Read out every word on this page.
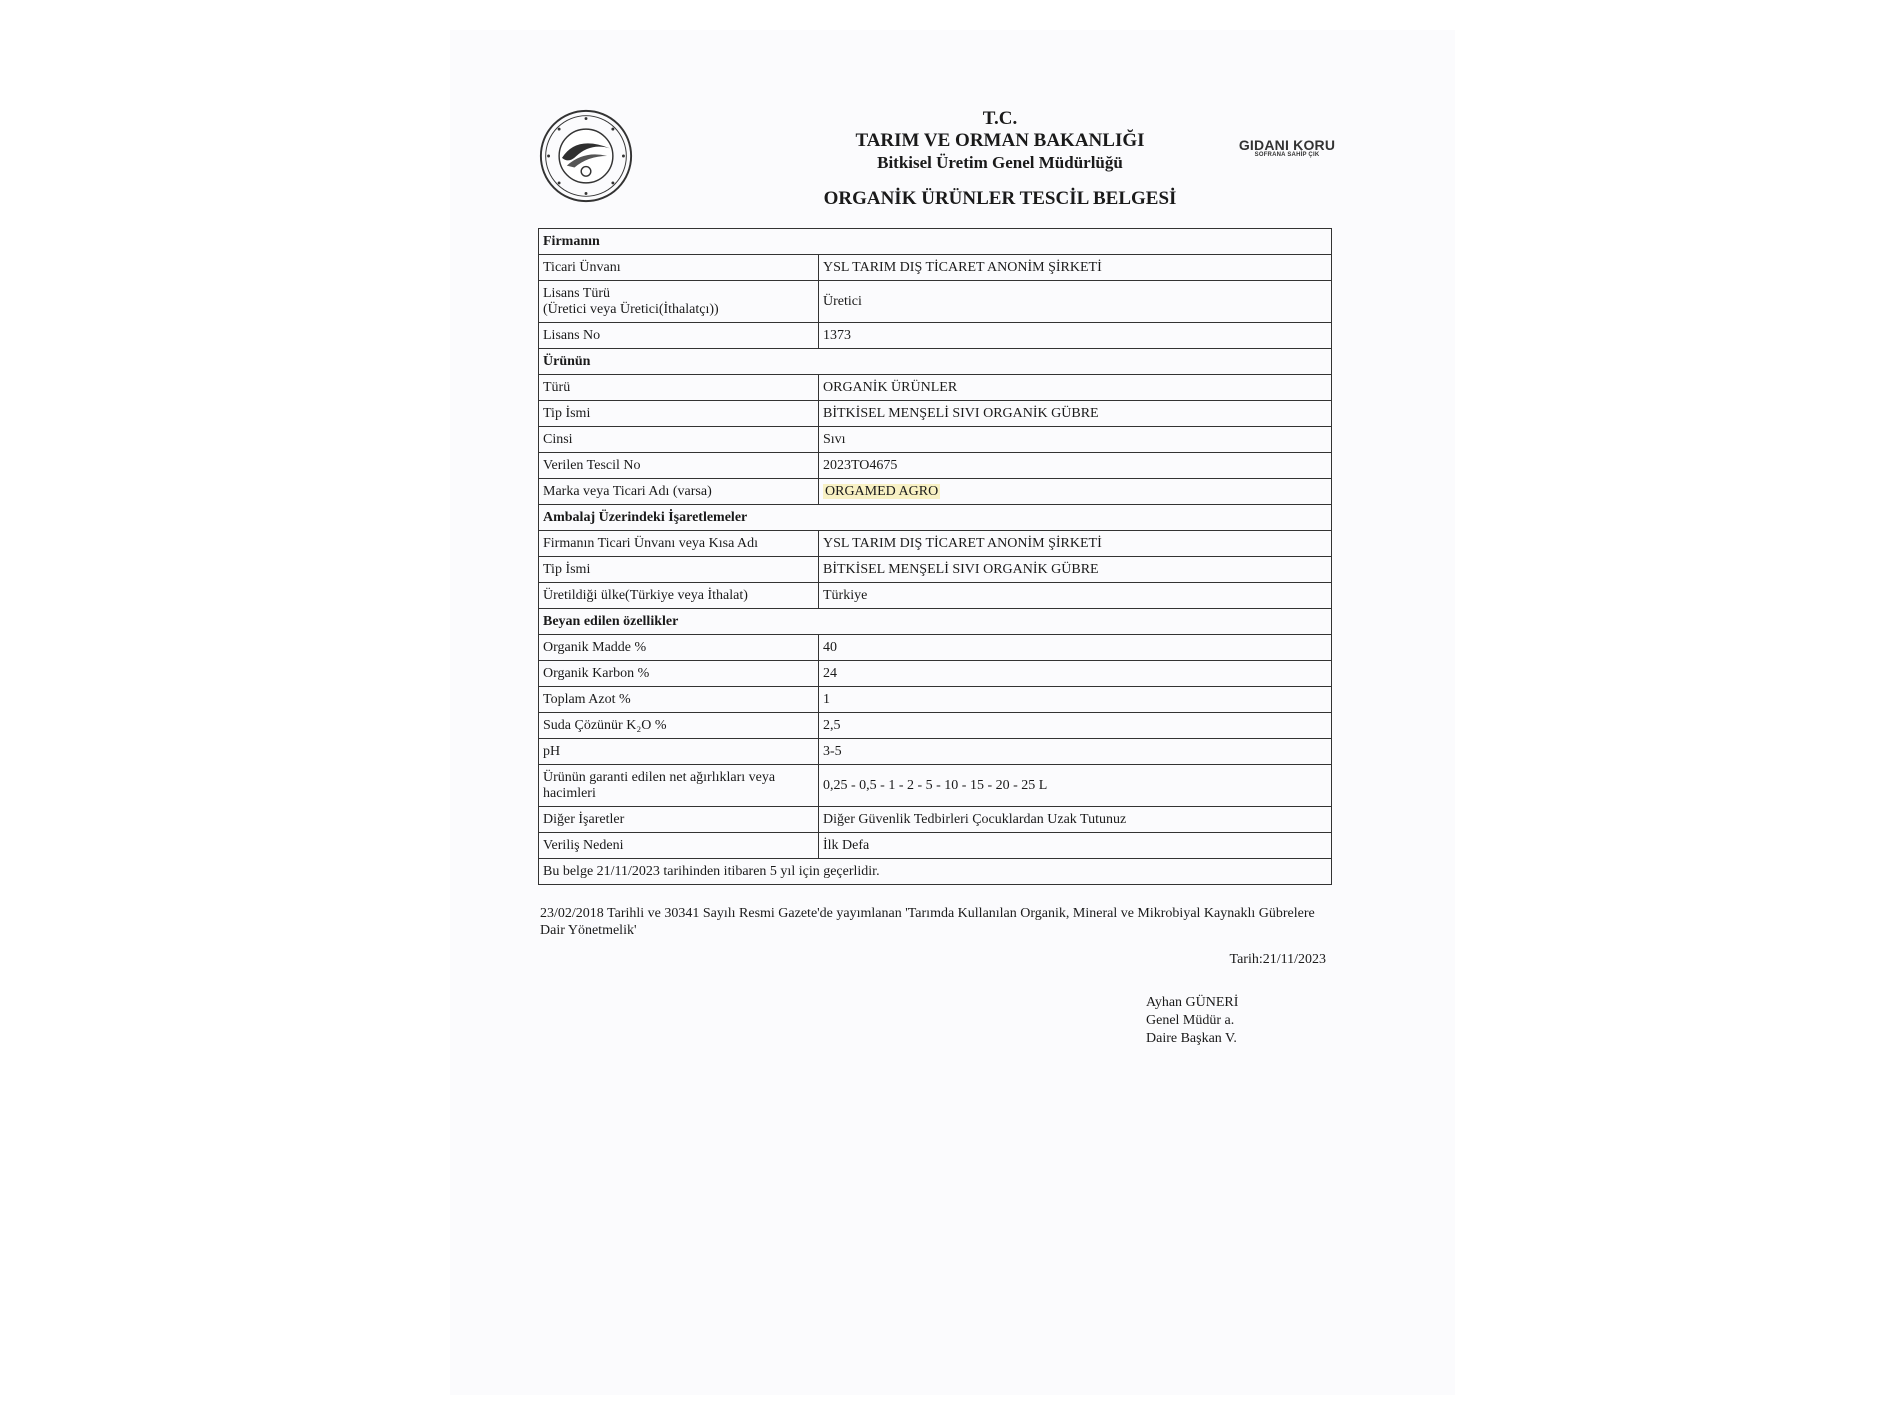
T.C.
TARIM VE ORMAN BAKANLIĞI
Bitkisel Üretim Genel Müdürlüğü
ORGANİK ÜRÜNLER TESCİL BELGESİ
GIDANI KORU
SOFRANA SAHİP ÇIK
Firmanın	
Ticari Ünvanı	YSL TARIM DIŞ TİCARET ANONİM ŞİRKETİ

Lisans Türü
(Üretici veya Üretici(İthalatçı))	Üretici
Lisans No	1373
Ürünün	
Türü	ORGANİK ÜRÜNLER
Tip İsmi	BİTKİSEL MENŞELİ SIVI ORGANİK GÜBRE
Cinsi	Sıvı
Verilen Tescil No	2023TO4675
Marka veya Ticari Adı (varsa)	ORGAMED AGRO
Ambalaj Üzerindeki İşaretlemeler	
Firmanın Ticari Ünvanı veya Kısa Adı	YSL TARIM DIŞ TİCARET ANONİM ŞİRKETİ
Tip İsmi	BİTKİSEL MENŞELİ SIVI ORGANİK GÜBRE
Üretildiği ülke(Türkiye veya İthalat)	Türkiye
Beyan edilen özellikler	
Organik Madde %	40
Organik Karbon %	24
Toplam Azot %	1
Suda Çözünür K₂O %	2,5
pH	3-5

Ürünün garanti edilen net ağırlıkları veya
hacimleri	0,25 - 0,5 - 1 - 2 - 5 - 10 - 15 - 20 - 25 L
Diğer İşaretler	Diğer Güvenlik Tedbirleri Çocuklardan Uzak Tutunuz
Veriliş Nedeni	İlk Defa
Bu belge 21/11/2023 tarihinden itibaren 5 yıl için geçerlidir.	
23/02/2018 Tarihli ve 30341 Sayılı Resmi Gazete'de yayımlanan 'Tarımda Kullanılan Organik, Mineral ve Mikrobiyal Kaynaklı Gübrelere Dair Yönetmelik'
Tarih:21/11/2023
Ayhan GÜNERİ
Genel Müdür a.
Daire Başkan V.
